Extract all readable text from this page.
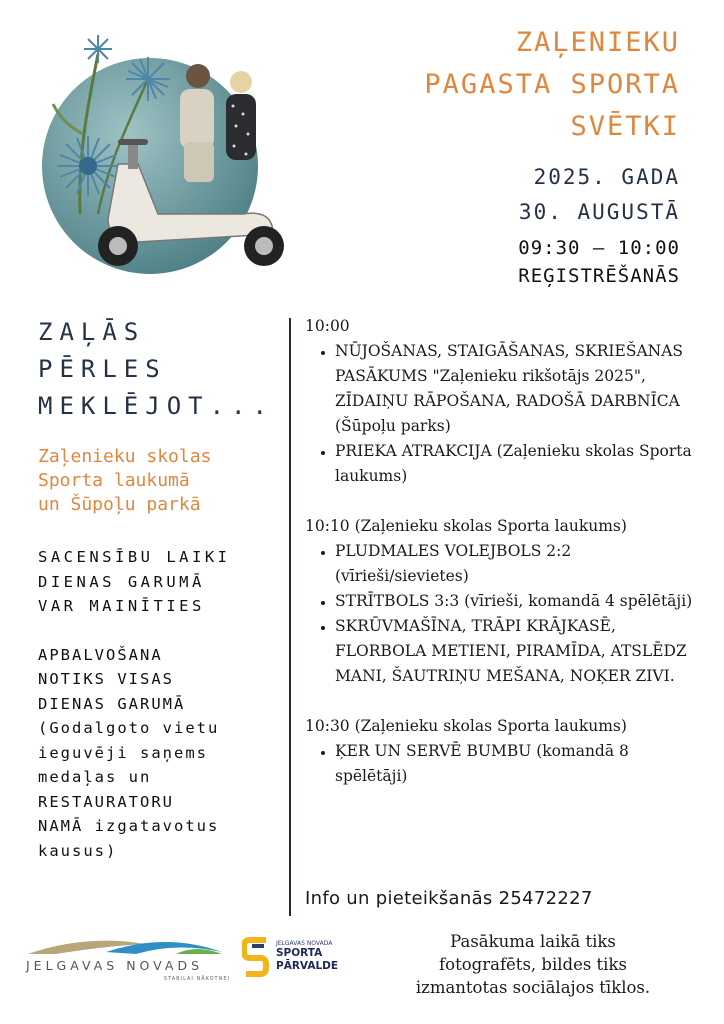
ZAĻENIEKU
PAGASTA SPORTA
SVĒTKI
2025. GADA
30. AUGUSTĀ
09:30 – 10:00
REĢISTRĒŠANĀS
ZAĻĀS
PĒRLES
MEKLĒJOT...
Zaļenieku skolas
Sporta laukumā
un Šūpoļu parkā
SACENSĪBU LAIKI
DIENAS GARUMĀ
VAR MAINĪTIES
APBALVOŠANA
NOTIKS VISAS
DIENAS GARUMĀ
(Godalgoto vietu
ieguvēji saņems
medaļas un
RESTAURATORU
NAMĀ izgatavotus
kausus)
10:00
• NŪJOŠANAS, STAIGĀŠANAS, SKRIEŠANAS PASĀKUMS "Zaļenieku rikšotājs 2025", ZĪDAIŅU RĀPOŠANA, RADOŠĀ DARBNĪCA (Šūpoļu parks)
• PRIEKA ATRAKCIJA (Zaļenieku skolas Sporta laukums)
10:10 (Zaļenieku skolas Sporta laukums)
• PLUDMALES VOLEJBOLS 2:2 (vīrieši/sievietes)
• STRĪTBOLS 3:3 (vīrieši, komandā 4 spēlētāji)
• SKRŪVMAŠĪNA, TRĀPI KRĀJKASĒ, FLORBOLA METIENI, PIRAMĪDA, ATSLĒDZ MANI, ŠAUTRIŅU MEŠANA, NOĶER ZIVI.
10:30 (Zaļenieku skolas Sporta laukums)
• ĶER UN SERVĒ BUMBU (komandā 8 spēlētāji)
Info un pieteikšanās 25472227
JELGAVAS NOVADS
STABILAI NĀKOTNEI
JELGAVAS NOVADA
SPORTA
PĀRVALDE
Pasākuma laikā tiks
fotografēts, bildes tiks
izmantotas sociālajos tīklos.
